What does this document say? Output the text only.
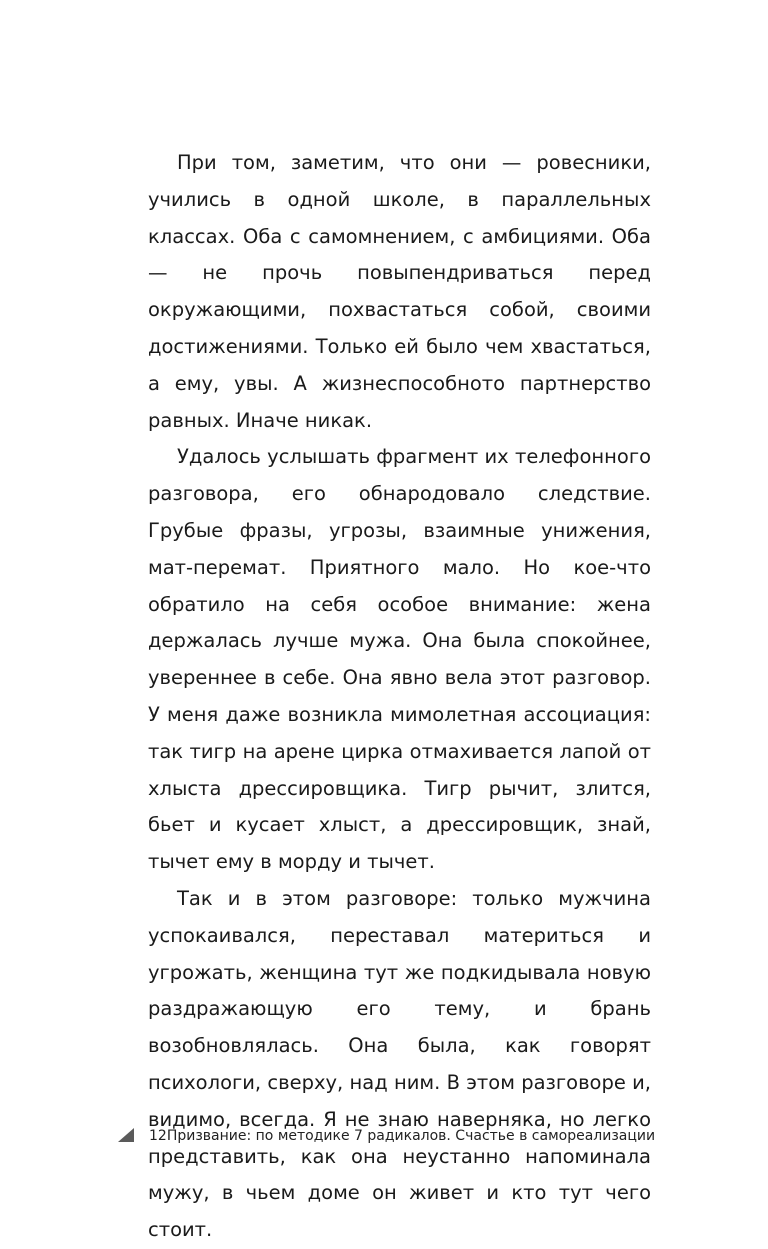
При том, заметим, что они — ровесники, учились в одной школе, в параллельных классах. Оба с самомнением, с амбициями. Оба — не прочь повыпендриваться перед окружающими, похвастаться собой, своими достижениями. Только ей было чем хвастаться, а ему, увы. А жизнеспособното партнерство равных. Иначе никак.

Удалось услышать фрагмент их телефонного разговора, его обнародовало следствие. Грубые фразы, угрозы, взаимные унижения, мат-перемат. Приятного мало. Но кое-что обратило на себя особое внимание: жена держалась лучше мужа. Она была спокойнее, увереннее в себе. Она явно вела этот разговор. У меня даже возникла мимолетная ассоциация: так тигр на арене цирка отмахивается лапой от хлыста дрессировщика. Тигр рычит, злится, бьет и кусает хлыст, а дрессировщик, знай, тычет ему в морду и тычет.

Так и в этом разговоре: только мужчина успокаивался, переставал материться и угрожать, женщина тут же подкидывала новую раздражающую его тему, и брань возобновлялась. Она была, как говорят психологи, сверху, над ним. В этом разговоре и, видимо, всегда. Я не знаю наверняка, но легко представить, как она неустанно напоминала мужу, в чьем доме он живет и кто тут чего стоит.

12 Призвание: по методике 7 радикалов. Счастье в самореализации
